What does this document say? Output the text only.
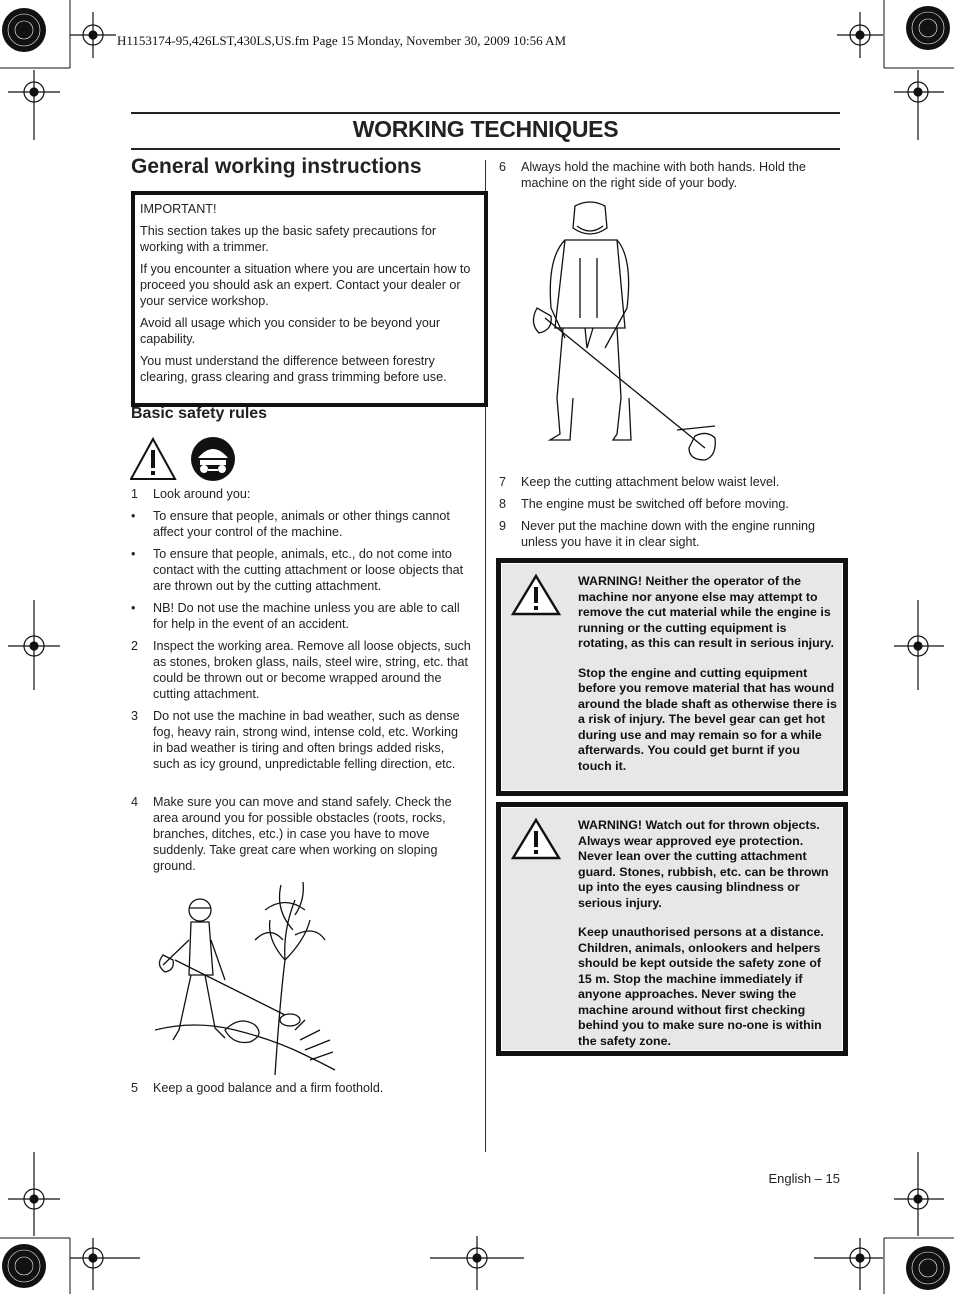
H1153174-95,426LST,430LS,US.fm Page 15 Monday, November 30, 2009 10:56 AM
WORKING TECHNIQUES
General working instructions

IMPORTANT!

This section takes up the basic safety precautions for working with a trimmer.

If you encounter a situation where you are uncertain how to proceed you should ask an expert. Contact your dealer or your service workshop.

Avoid all usage which you consider to be beyond your capability.

You must understand the difference between forestry clearing, grass clearing and grass trimming before use.

Basic safety rules
1 Look around you:
• To ensure that people, animals or other things cannot affect your control of the machine.
• To ensure that people, animals, etc., do not come into contact with the cutting attachment or loose objects that are thrown out by the cutting attachment.
• NB! Do not use the machine unless you are able to call for help in the event of an accident.
2 Inspect the working area. Remove all loose objects, such as stones, broken glass, nails, steel wire, string, etc. that could be thrown out or become wrapped around the cutting attachment.
3 Do not use the machine in bad weather, such as dense fog, heavy rain, strong wind, intense cold, etc. Working in bad weather is tiring and often brings added risks, such as icy ground, unpredictable felling direction, etc.
4 Make sure you can move and stand safely. Check the area around you for possible obstacles (roots, rocks, branches, ditches, etc.) in case you have to move suddenly. Take great care when working on sloping ground.
5 Keep a good balance and a firm foothold.
6 Always hold the machine with both hands. Hold the machine on the right side of your body.
7 Keep the cutting attachment below waist level.
8 The engine must be switched off before moving.
9 Never put the machine down with the engine running unless you have it in clear sight.

WARNING! Neither the operator of the machine nor anyone else may attempt to remove the cut material while the engine is running or the cutting equipment is rotating, as this can result in serious injury.

Stop the engine and cutting equipment before you remove material that has wound around the blade shaft as otherwise there is a risk of injury. The bevel gear can get hot during use and may remain so for a while afterwards. You could get burnt if you touch it.

WARNING! Watch out for thrown objects. Always wear approved eye protection. Never lean over the cutting attachment guard. Stones, rubbish, etc. can be thrown up into the eyes causing blindness or serious injury.

Keep unauthorised persons at a distance. Children, animals, onlookers and helpers should be kept outside the safety zone of 15 m. Stop the machine immediately if anyone approaches. Never swing the machine around without first checking behind you to make sure no-one is within the safety zone.

English – 15
